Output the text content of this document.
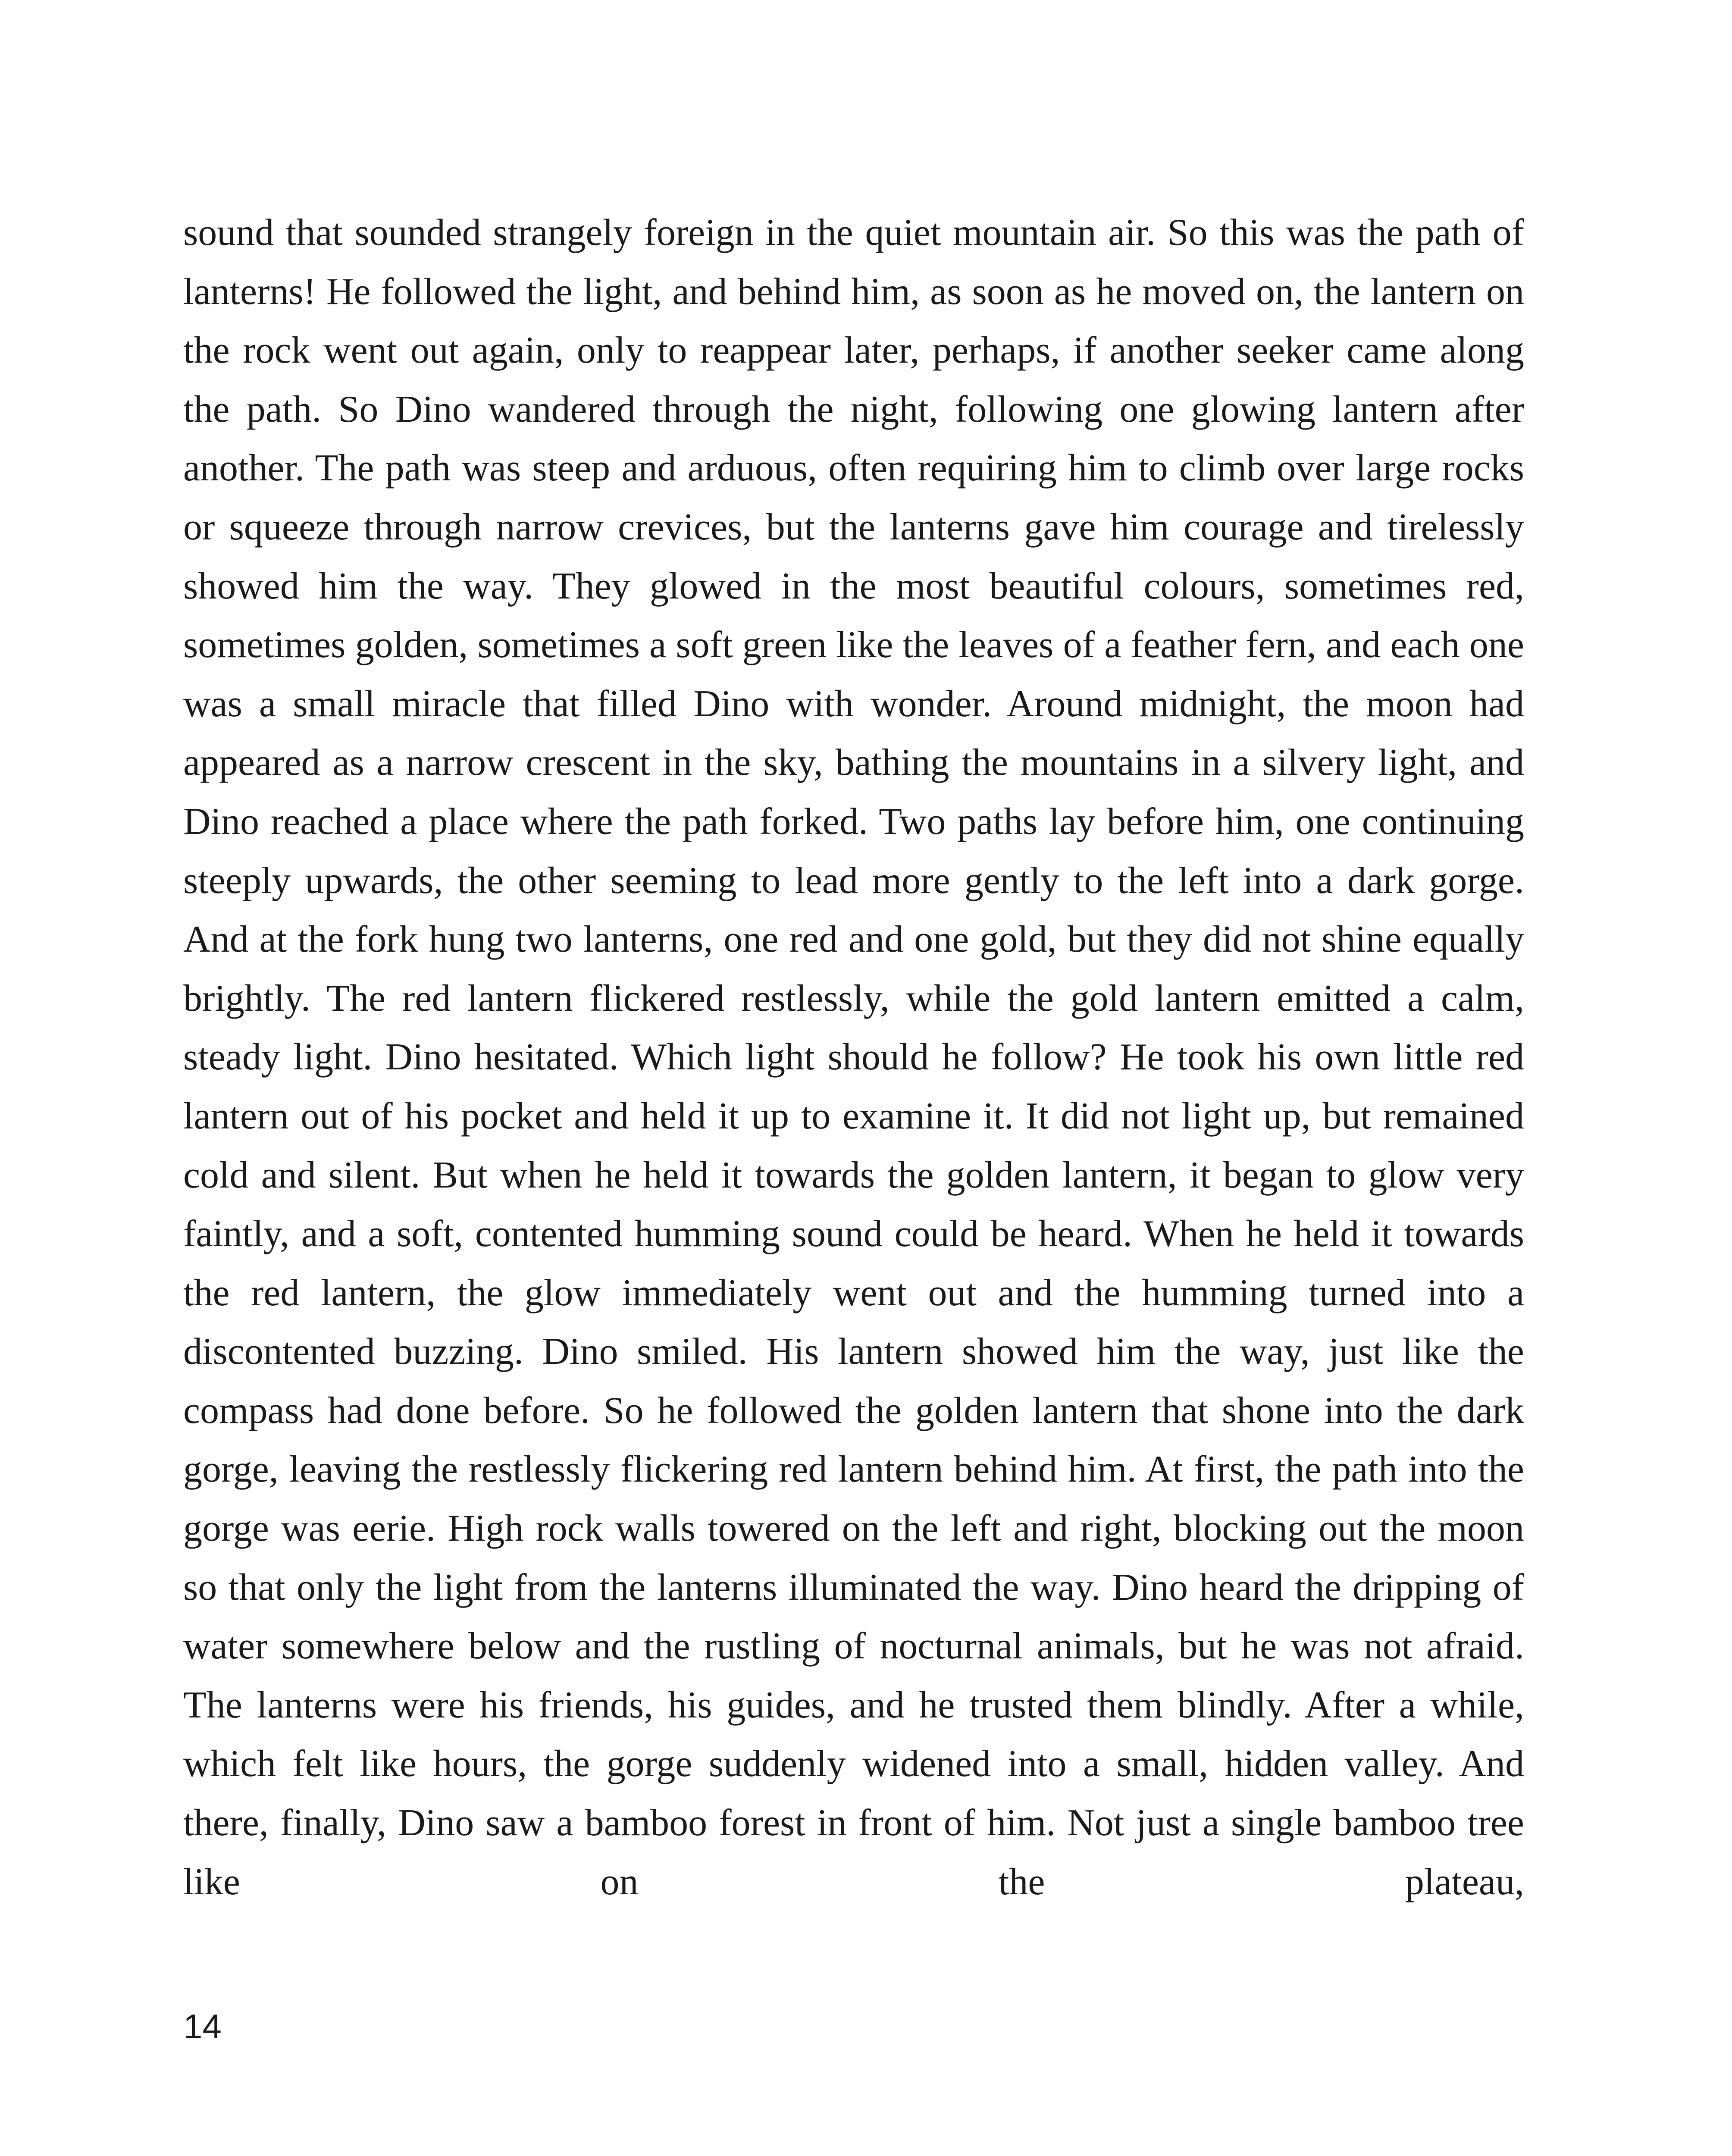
sound that sounded strangely foreign in the quiet mountain air. So this was the path of lanterns! He followed the light, and behind him, as soon as he moved on, the lantern on the rock went out again, only to reappear later, perhaps, if another seeker came along the path. So Dino wandered through the night, following one glowing lantern after another. The path was steep and arduous, often requiring him to climb over large rocks or squeeze through narrow crevices, but the lanterns gave him courage and tirelessly showed him the way. They glowed in the most beautiful colours, sometimes red, sometimes golden, sometimes a soft green like the leaves of a feather fern, and each one was a small miracle that filled Dino with wonder. Around midnight, the moon had appeared as a narrow crescent in the sky, bathing the mountains in a silvery light, and Dino reached a place where the path forked. Two paths lay before him, one continuing steeply upwards, the other seeming to lead more gently to the left into a dark gorge. And at the fork hung two lanterns, one red and one gold, but they did not shine equally brightly. The red lantern flickered restlessly, while the gold lantern emitted a calm, steady light. Dino hesitated. Which light should he follow? He took his own little red lantern out of his pocket and held it up to examine it. It did not light up, but remained cold and silent. But when he held it towards the golden lantern, it began to glow very faintly, and a soft, contented humming sound could be heard. When he held it towards the red lantern, the glow immediately went out and the humming turned into a discontented buzzing. Dino smiled. His lantern showed him the way, just like the compass had done before. So he followed the golden lantern that shone into the dark gorge, leaving the restlessly flickering red lantern behind him. At first, the path into the gorge was eerie. High rock walls towered on the left and right, blocking out the moon so that only the light from the lanterns illuminated the way. Dino heard the dripping of water somewhere below and the rustling of nocturnal animals, but he was not afraid. The lanterns were his friends, his guides, and he trusted them blindly. After a while, which felt like hours, the gorge suddenly widened into a small, hidden valley. And there, finally, Dino saw a bamboo forest in front of him. Not just a single bamboo tree like on the plateau,

14
